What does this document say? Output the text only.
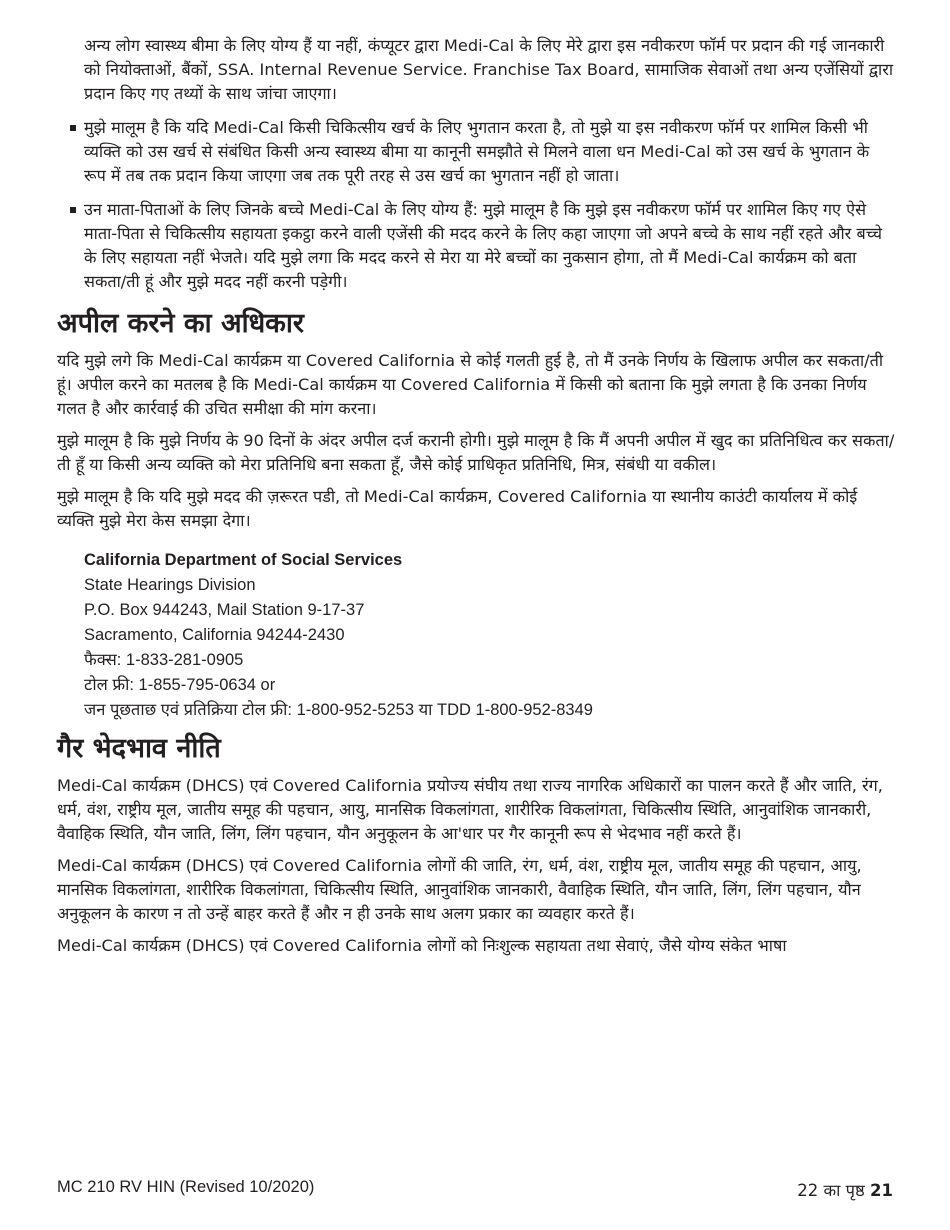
अन्य लोग स्वास्थ्य बीमा के लिए योग्य हैं या नहीं, कंप्यूटर द्वारा Medi-Cal के लिए मेरे द्वारा इस नवीकरण फॉर्म पर प्रदान की गई जानकारी को नियोक्ताओं, बैंकों, SSA. Internal Revenue Service. Franchise Tax Board, सामाजिक सेवाओं तथा अन्य एजेंसियों द्वारा प्रदान किए गए तथ्यों के साथ जांचा जाएगा।

मुझे मालूम है कि यदि Medi-Cal किसी चिकित्सीय खर्च के लिए भुगतान करता है, तो मुझे या इस नवीकरण फॉर्म पर शामिल किसी भी व्यक्ति को उस खर्च से संबंधित किसी अन्य स्वास्थ्य बीमा या कानूनी समझौते से मिलने वाला धन Medi-Cal को उस खर्च के भुगतान के रूप में तब तक प्रदान किया जाएगा जब तक पूरी तरह से उस खर्च का भुगतान नहीं हो जाता।

उन माता-पिताओं के लिए जिनके बच्चे Medi-Cal के लिए योग्य हैं: मुझे मालूम है कि मुझे इस नवीकरण फॉर्म पर शामिल किए गए ऐसे माता-पिता से चिकित्सीय सहायता इकट्ठा करने वाली एजेंसी की मदद करने के लिए कहा जाएगा जो अपने बच्चे के साथ नहीं रहते और बच्चे के लिए सहायता नहीं भेजते। यदि मुझे लगा कि मदद करने से मेरा या मेरे बच्चों का नुकसान होगा, तो मैं Medi-Cal कार्यक्रम को बता सकता/ती हूं और मुझे मदद नहीं करनी पड़ेगी।

अपील करने का अधिकार

यदि मुझे लगे कि Medi-Cal कार्यक्रम या Covered California से कोई गलती हुई है, तो मैं उनके निर्णय के खिलाफ अपील कर सकता/ती हूं। अपील करने का मतलब है कि Medi-Cal कार्यक्रम या Covered California में किसी को बताना कि मुझे लगता है कि उनका निर्णय गलत है और कार्रवाई की उचित समीक्षा की मांग करना।

मुझे मालूम है कि मुझे निर्णय के 90 दिनों के अंदर अपील दर्ज करानी होगी। मुझे मालूम है कि मैं अपनी अपील में खुद का प्रतिनिधित्व कर सकता/ती हूँ या किसी अन्य व्यक्ति को मेरा प्रतिनिधि बना सकता हूँ, जैसे कोई प्राधिकृत प्रतिनिधि, मित्र, संबंधी या वकील।

मुझे मालूम है कि यदि मुझे मदद की ज़रूरत पडी, तो Medi-Cal कार्यक्रम, Covered California या स्थानीय काउंटी कार्यालय में कोई व्यक्ति मुझे मेरा केस समझा देगा।

California Department of Social Services
State Hearings Division
P.O. Box 944243, Mail Station 9-17-37
Sacramento, California 94244-2430
फैक्स: 1-833-281-0905
टोल फ्री: 1-855-795-0634 or
जन पूछताछ एवं प्रतिक्रिया टोल फ्री: 1-800-952-5253 या TDD 1-800-952-8349
गैर भेदभाव नीति

Medi-Cal कार्यक्रम (DHCS) एवं Covered California प्रयोज्य संघीय तथा राज्य नागरिक अधिकारों का पालन करते हैं और जाति, रंग, धर्म, वंश, राष्ट्रीय मूल, जातीय समूह की पहचान, आयु, मानसिक विकलांगता, शारीरिक विकलांगता, चिकित्सीय स्थिति, आनुवांशिक जानकारी, वैवाहिक स्थिति, यौन जाति, लिंग, लिंग पहचान, यौन अनुकूलन के आ'धार पर गैर कानूनी रूप से भेदभाव नहीं करते हैं।

Medi-Cal कार्यक्रम (DHCS) एवं Covered California लोगों की जाति, रंग, धर्म, वंश, राष्ट्रीय मूल, जातीय समूह की पहचान, आयु, मानसिक विकलांगता, शारीरिक विकलांगता, चिकित्सीय स्थिति, आनुवांशिक जानकारी, वैवाहिक स्थिति, यौन जाति, लिंग, लिंग पहचान, यौन अनुकूलन के कारण न तो उन्हें बाहर करते हैं और न ही उनके साथ अलग प्रकार का व्यवहार करते हैं।

Medi-Cal कार्यक्रम (DHCS) एवं Covered California लोगों को निःशुल्क सहायता तथा सेवाएं, जैसे योग्य संकेत भाषा

MC 210 RV HIN (Revised 10/2020)	22 का पृष्ठ 21
